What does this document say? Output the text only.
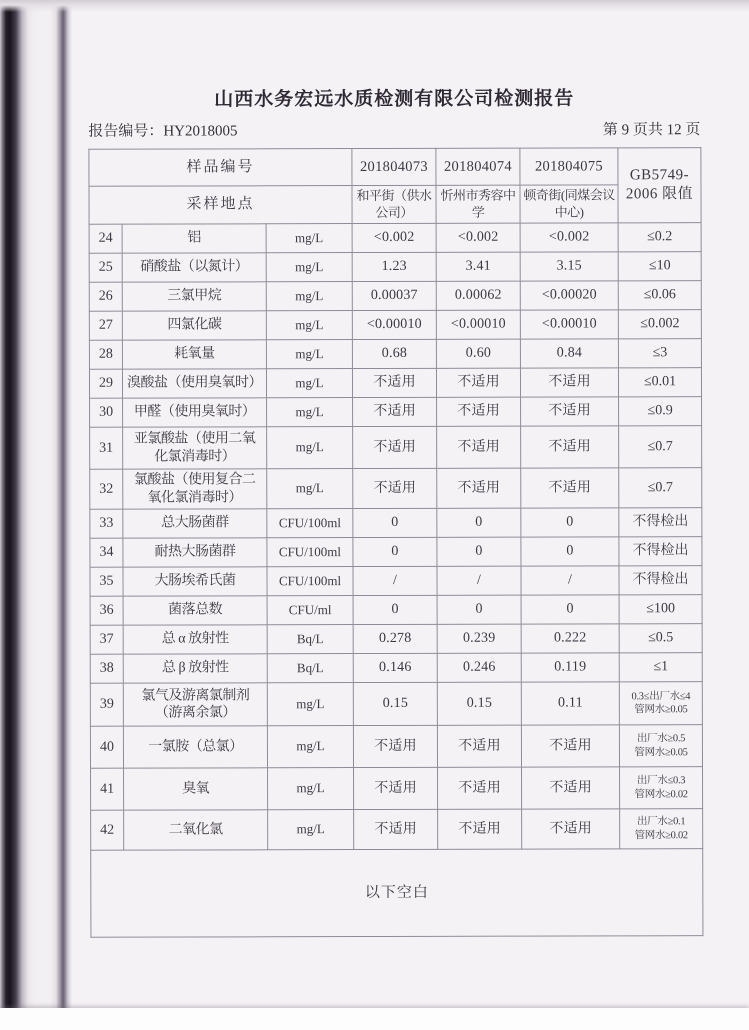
山西水务宏远水质检测有限公司检测报告
报告编号：HY2018005	第 9 页共 12 页
样品编号			201804073	201804074	201804075	GB5749-
2006 限值
采样地点			和平街（供水公司）	忻州市秀容中学	顿奇街(同煤会议中心)	
24	铝	mg/L	<0.002	<0.002	<0.002	≤0.2
25	硝酸盐（以氮计）	mg/L	1.23	3.41	3.15	≤10
26	三氯甲烷	mg/L	0.00037	0.00062	<0.00020	≤0.06
27	四氯化碳	mg/L	<0.00010	<0.00010	<0.00010	≤0.002
28	耗氧量	mg/L	0.68	0.60	0.84	≤3
29	溴酸盐（使用臭氧时）	mg/L	不适用	不适用	不适用	≤0.01
30	甲醛（使用臭氧时）	mg/L	不适用	不适用	不适用	≤0.9
31	亚氯酸盐（使用二氧
化氯消毒时）	mg/L	不适用	不适用	不适用	≤0.7
32	氯酸盐（使用复合二
氧化氯消毒时）	mg/L	不适用	不适用	不适用	≤0.7
33	总大肠菌群	CFU/100ml	0	0	0	不得检出
34	耐热大肠菌群	CFU/100ml	0	0	0	不得检出
35	大肠埃希氏菌	CFU/100ml	/	/	/	不得检出
36	菌落总数	CFU/ml	0	0	0	≤100
37	总 α 放射性	Bq/L	0.278	0.239	0.222	≤0.5
38	总 β 放射性	Bq/L	0.146	0.246	0.119	≤1
39	氯气及游离氯制剂
（游离余氯）	mg/L	0.15	0.15	0.11	0.3≤出厂水≤4
管网水≥0.05
40	一氯胺（总氯）	mg/L	不适用	不适用	不适用	出厂水≥0.5
管网水≥0.05
41	臭氧	mg/L	不适用	不适用	不适用	出厂水≤0.3
管网水≥0.02
42	二氧化氯	mg/L	不适用	不适用	不适用	出厂水≥0.1
管网水≥0.02
以下空白						
